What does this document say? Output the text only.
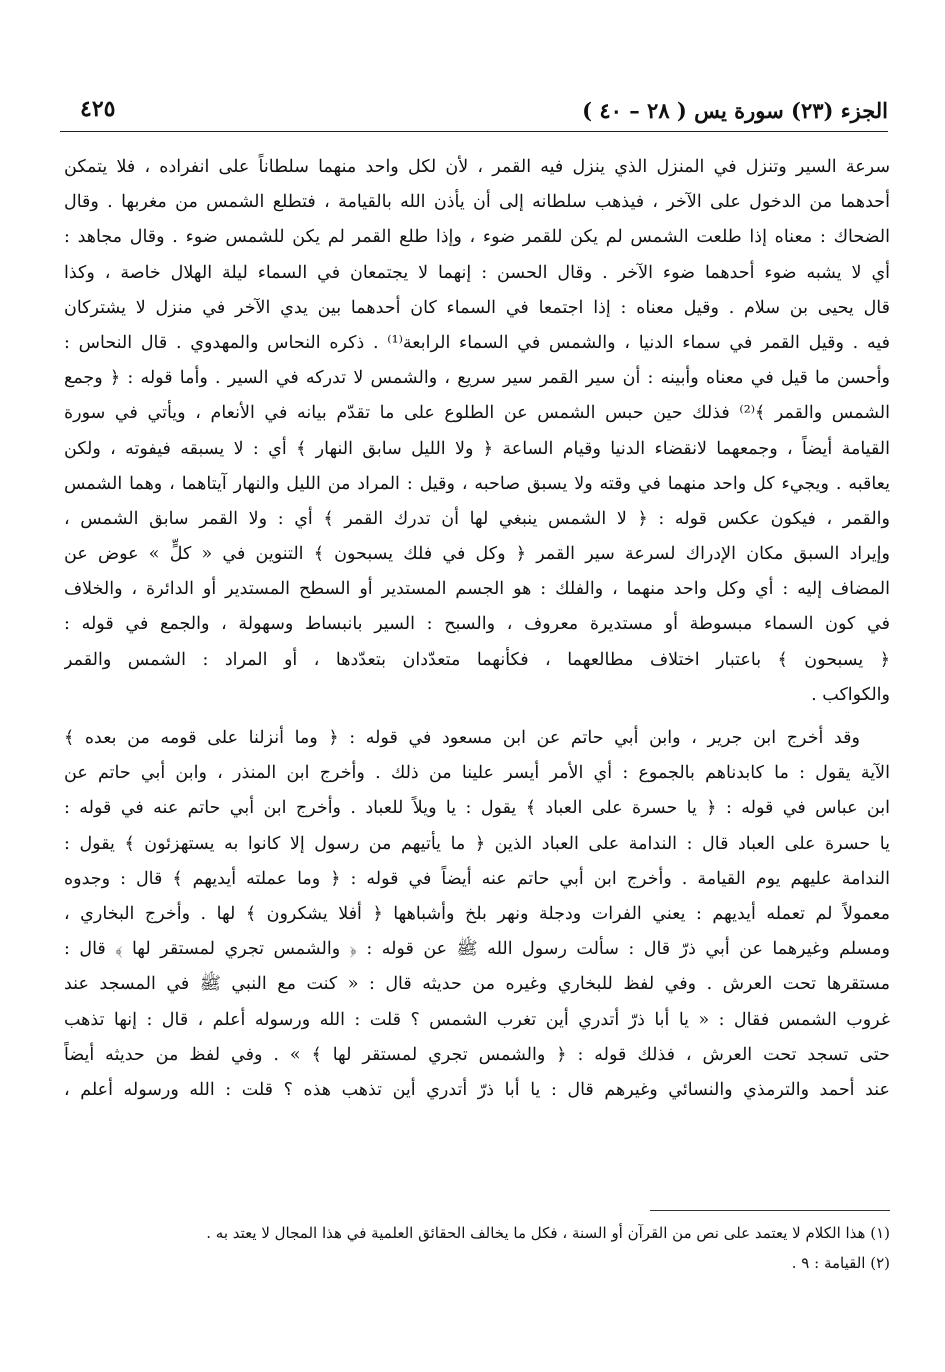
الجزء (٢٣) سورة يس ( ٢٨ – ٤٠ )
٤٢٥
سرعة السير وتنزل في المنزل الذي ينزل فيه القمر ، لأن لكل واحد منهما سلطاناً على انفراده ، فلا يتمكن
أحدهما من الدخول على الآخر ، فيذهب سلطانه إلى أن يأذن الله بالقيامة ، فتطلع الشمس من مغربها . وقال
الضحاك : معناه إذا طلعت الشمس لم يكن للقمر ضوء ، وإذا طلع القمر لم يكن للشمس ضوء . وقال مجاهد :
أي لا يشبه ضوء أحدهما ضوء الآخر . وقال الحسن : إنهما لا يجتمعان في السماء ليلة الهلال خاصة ، وكذا
قال يحيى بن سلام . وقيل معناه : إذا اجتمعا في السماء كان أحدهما بين يدي الآخر في منزل لا يشتركان
فيه . وقيل القمر في سماء الدنيا ، والشمس في السماء الرابعة⁽¹⁾ . ذكره النحاس والمهدوي . قال النحاس :
وأحسن ما قيل في معناه وأبينه : أن سير القمر سير سريع ، والشمس لا تدركه في السير . وأما قوله : ﴿ وجمع
الشمس والقمر ﴾⁽²⁾ فذلك حين حبس الشمس عن الطلوع على ما تقدّم بيانه في الأنعام ، ويأتي في سورة
القيامة أيضاً ، وجمعهما لانقضاء الدنيا وقيام الساعة ﴿ ولا الليل سابق النهار ﴾ أي : لا يسبقه فيفوته ، ولكن
يعاقبه . ويجيء كل واحد منهما في وقته ولا يسبق صاحبه ، وقيل : المراد من الليل والنهار آيتاهما ، وهما الشمس
والقمر ، فيكون عكس قوله : ﴿ لا الشمس ينبغي لها أن تدرك القمر ﴾ أي : ولا القمر سابق الشمس ،
وإيراد السبق مكان الإدراك لسرعة سير القمر ﴿ وكل في فلك يسبحون ﴾ التنوين في « كلٍّ » عوض عن
المضاف إليه : أي وكل واحد منهما ، والفلك : هو الجسم المستدير أو السطح المستدير أو الدائرة ، والخلاف
في كون السماء مبسوطة أو مستديرة معروف ، والسبح : السير بانبساط وسهولة ، والجمع في قوله :
﴿ يسبحون ﴾ باعتبار اختلاف مطالعهما ، فكأنهما متعدّدان بتعدّدها ، أو المراد : الشمس والقمر
والكواكب .
وقد أخرج ابن جرير ، وابن أبي حاتم عن ابن مسعود في قوله : ﴿ وما أنزلنا على قومه من بعده ﴾
الآية يقول : ما كابدناهم بالجموع : أي الأمر أيسر علينا من ذلك . وأخرج ابن المنذر ، وابن أبي حاتم عن
ابن عباس في قوله : ﴿ يا حسرة على العباد ﴾ يقول : يا ويلاً للعباد . وأخرج ابن أبي حاتم عنه في قوله :
يا حسرة على العباد قال : الندامة على العباد الذين ﴿ ما يأتيهم من رسول إلا كانوا به يستهزئون ﴾ يقول :
الندامة عليهم يوم القيامة . وأخرج ابن أبي حاتم عنه أيضاً في قوله : ﴿ وما عملته أيديهم ﴾ قال : وجدوه
معمولاً لم تعمله أيديهم : يعني الفرات ودجلة ونهر بلخ وأشباهها ﴿ أفلا يشكرون ﴾ لها . وأخرج البخاري ،
ومسلم وغيرهما عن أبي ذرّ قال : سألت رسول الله ﷺ عن قوله : ﴿ والشمس تجري لمستقر لها ﴾ قال :
مستقرها تحت العرش . وفي لفظ للبخاري وغيره من حديثه قال : « كنت مع النبي ﷺ في المسجد عند
غروب الشمس فقال : « يا أبا ذرّ أتدري أين تغرب الشمس ؟ قلت : الله ورسوله أعلم ، قال : إنها تذهب
حتى تسجد تحت العرش ، فذلك قوله : ﴿ والشمس تجري لمستقر لها ﴾ » . وفي لفظ من حديثه أيضاً
عند أحمد والترمذي والنسائي وغيرهم قال : يا أبا ذرّ أتدري أين تذهب هذه ؟ قلت : الله ورسوله أعلم ،
(١) هذا الكلام لا يعتمد على نص من القرآن أو السنة ، فكل ما يخالف الحقائق العلمية في هذا المجال لا يعتد به .
(٢) القيامة : ٩ .
